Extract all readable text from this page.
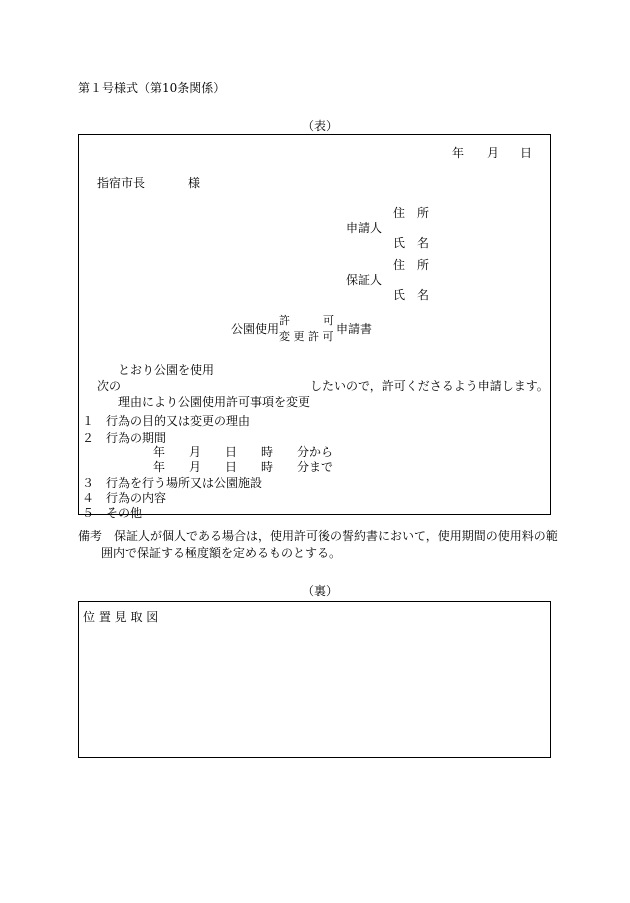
第１号様式（第10条関係）
（表）
年 月 日
指宿市長	様
住　所
申請人
氏　名
住　所
保証人
氏　名
公園使用
許　　　可
変 更 許 可
申請書
とおり公園を使用
次の	したいので，許可くださるよう申請します。
理由により公園使用許可事項を変更
１　行為の目的又は変更の理由
２　行為の期間
年　　月　　日　　時　　分から
年　　月　　日　　時　　分まで
３　行為を行う場所又は公園施設
４　行為の内容
５　その他
備考　保証人が個人である場合は，使用許可後の誓約書において，使用期間の使用料の範
囲内で保証する極度額を定めるものとする。
（裏）
位 置 見 取 図
